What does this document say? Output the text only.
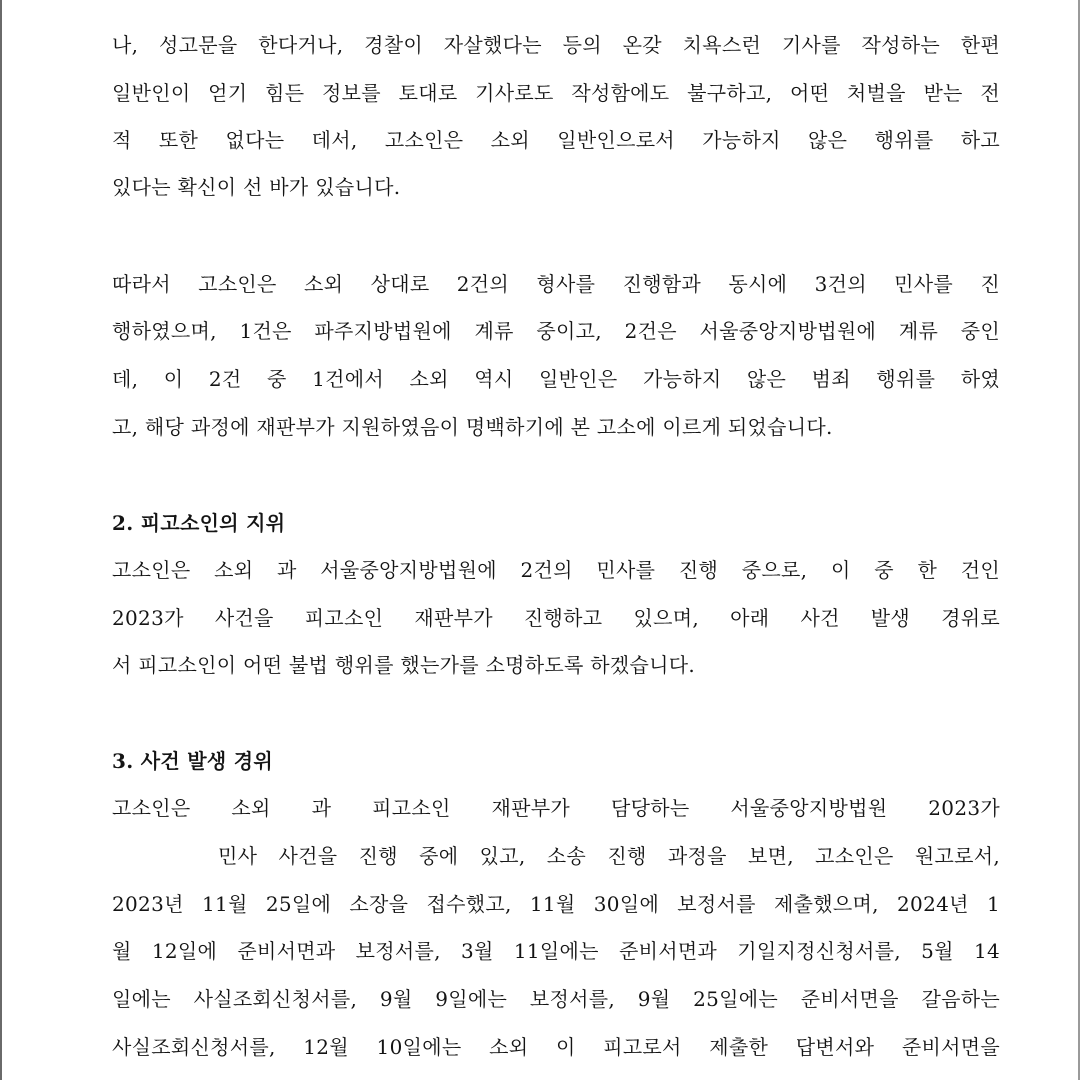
나, 성고문을 한다거나, 경찰이 자살했다는 등의 온갖 치욕스런 기사를 작성하는 한편
일반인이 얻기 힘든 정보를 토대로 기사로도 작성함에도 불구하고, 어떤 처벌을 받는 전
적 또한 없다는 데서, 고소인은 소외 일반인으로서 가능하지 않은 행위를 하고
있다는 확신이 선 바가 있습니다.
따라서 고소인은 소외 상대로 2건의 형사를 진행함과 동시에 3건의 민사를 진
행하였으며, 1건은 파주지방법원에 계류 중이고, 2건은 서울중앙지방법원에 계류 중인
데, 이 2건 중 1건에서 소외 역시 일반인은 가능하지 않은 범죄 행위를 하였
고, 해당 과정에 재판부가 지원하였음이 명백하기에 본 고소에 이르게 되었습니다.
2. 피고소인의 지위
고소인은 소외 과 서울중앙지방법원에 2건의 민사를 진행 중으로, 이 중 한 건인
2023가 사건을 피고소인 재판부가 진행하고 있으며, 아래 사건 발생 경위로
서 피고소인이 어떤 불법 행위를 했는가를 소명하도록 하겠습니다.
3. 사건 발생 경위
고소인은 소외 과 피고소인 재판부가 담당하는 서울중앙지방법원 2023가
민사 사건을 진행 중에 있고, 소송 진행 과정을 보면, 고소인은 원고로서,
2023년 11월 25일에 소장을 접수했고, 11월 30일에 보정서를 제출했으며, 2024년 1
월 12일에 준비서면과 보정서를, 3월 11일에는 준비서면과 기일지정신청서를, 5월 14
일에는 사실조회신청서를, 9월 9일에는 보정서를, 9월 25일에는 준비서면을 갈음하는
사실조회신청서를, 12월 10일에는 소외 이 피고로서 제출한 답변서와 준비서면을
